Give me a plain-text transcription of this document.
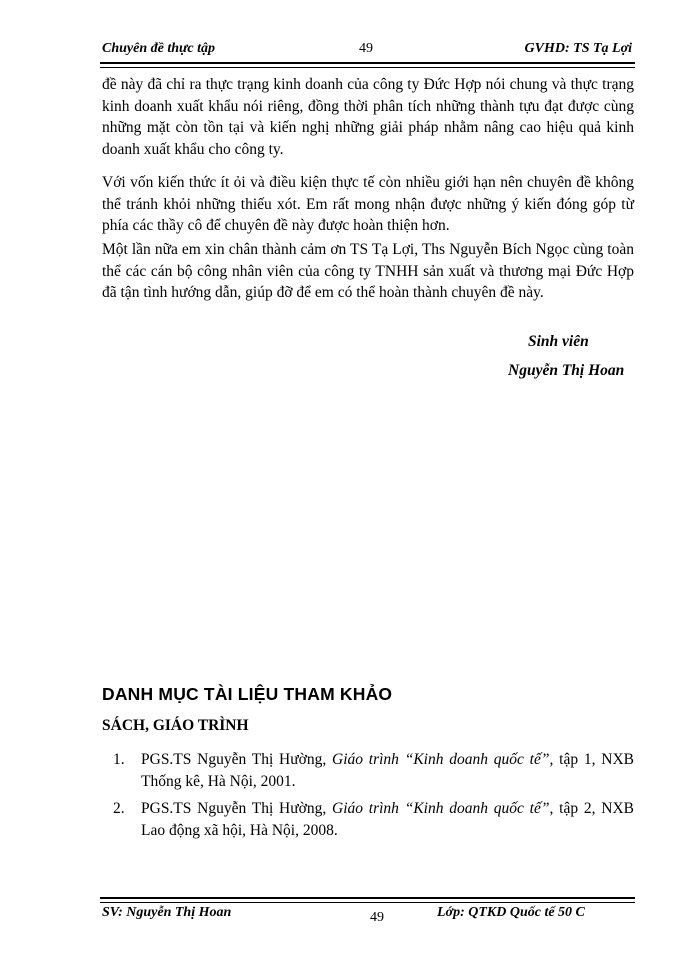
Chuyên đề thực tập	49	GVHD: TS Tạ Lợi

đề này đã chỉ ra thực trạng kinh doanh của công ty Đức Hợp nói chung và thực trạng kinh doanh xuất khẩu nói riêng, đồng thời phân tích những thành tựu đạt được cùng những mặt còn tồn tại và kiến nghị những giải pháp nhằm nâng cao hiệu quả kinh doanh xuất khẩu cho công ty.

Với vốn kiến thức ít ỏi và điều kiện thực tế còn nhiều giới hạn nên chuyên đề không thể tránh khỏi những thiếu xót. Em rất mong nhận được những ý kiến đóng góp từ phía các thầy cô để chuyên đề này được hoàn thiện hơn.

Một lần nữa em xin chân thành cảm ơn TS Tạ Lợi, Ths Nguyễn Bích Ngọc cùng toàn thể các cán bộ công nhân viên của công ty TNHH sản xuất và thương mại Đức Hợp đã tận tình hướng dẫn, giúp đỡ để em có thể hoàn thành chuyên đề này.

Sinh viên
Nguyễn Thị Hoan
DANH MỤC TÀI LIỆU THAM KHẢO
SÁCH, GIÁO TRÌNH
1. PGS.TS Nguyễn Thị Hường, Giáo trình “Kinh doanh quốc tế”, tập 1, NXB Thống kê, Hà Nội, 2001.
2. PGS.TS Nguyễn Thị Hường, Giáo trình “Kinh doanh quốc tế”, tập 2, NXB Lao động xã hội, Hà Nội, 2008.
SV: Nguyễn Thị Hoan	49	Lớp: QTKD Quốc tế 50 C
